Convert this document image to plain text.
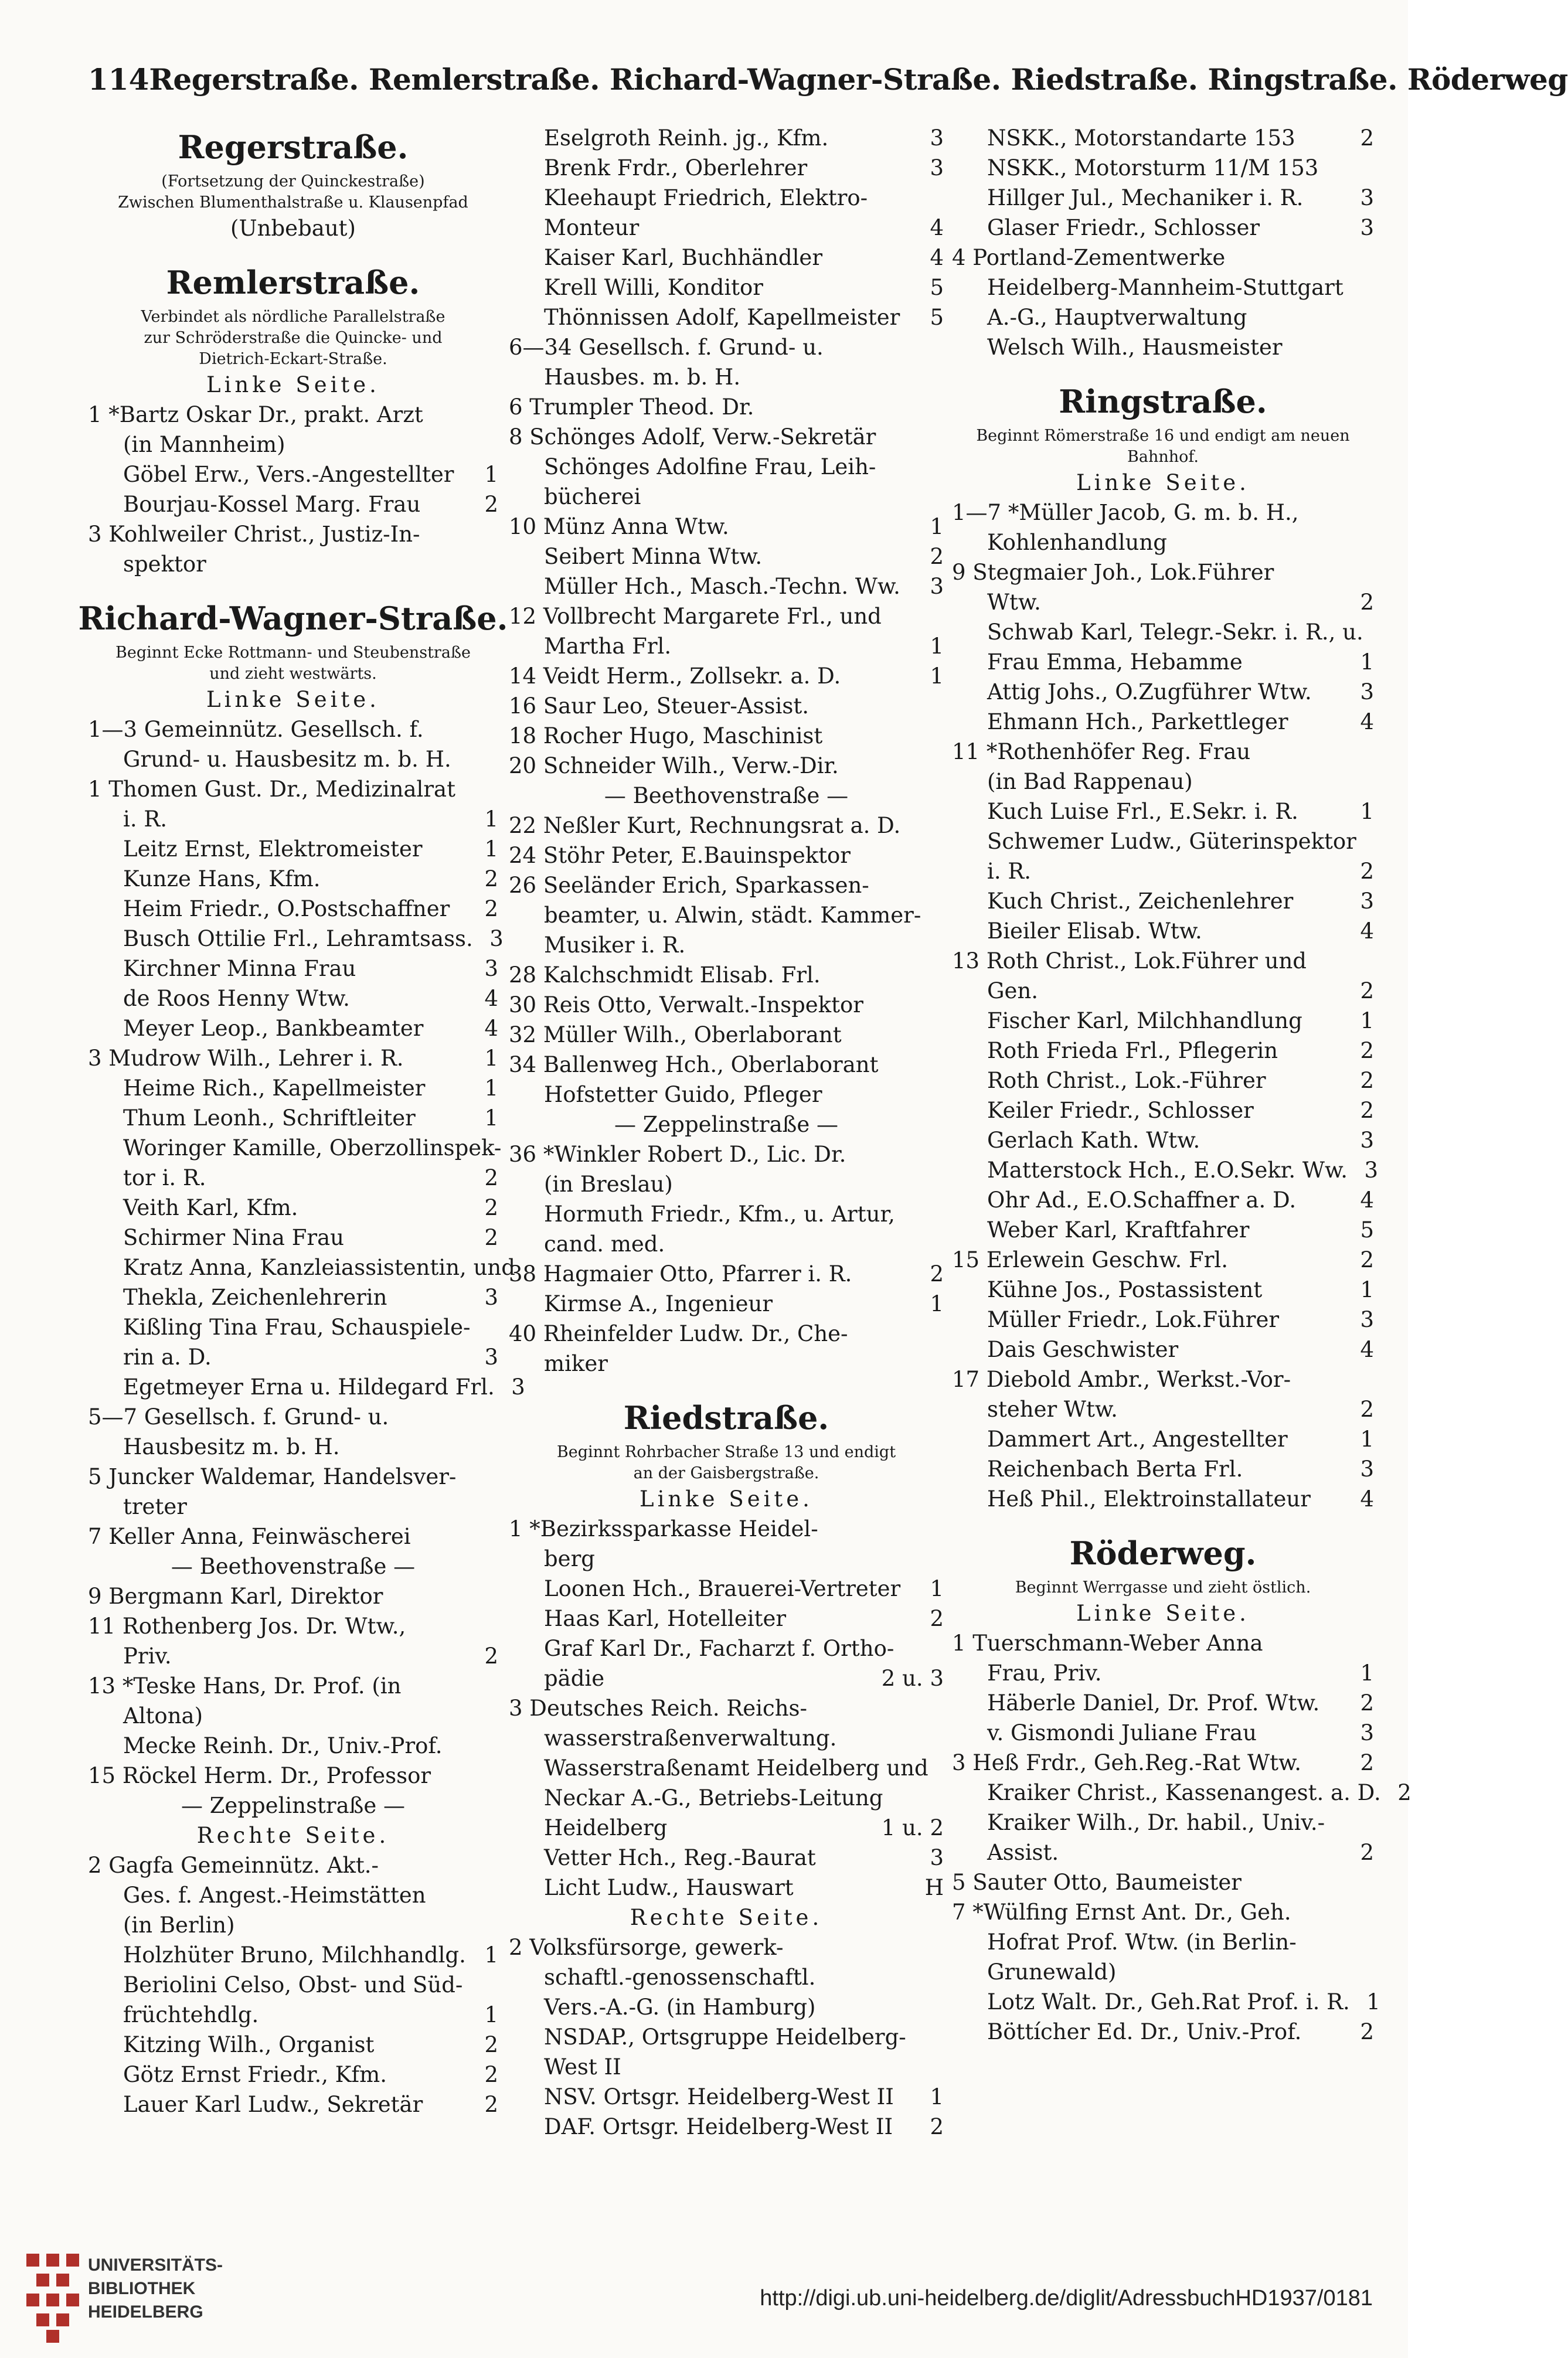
114 Regerstraße. Remlerstraße. Richard-Wagner-Straße. Riedstraße. Ringstraße. Röderweg
Regerstraße.
(Fortsetzung der Quinckestraße)
Zwischen Blumenthalstraße u. Klausenpfad
(Unbebaut)
Remlerstraße.
Verbindet als nördliche Parallelstraße
zur Schröderstraße die Quincke- und
Dietrich-Eckart-Straße.
Linke Seite.
1 *Bartz Oskar Dr., prakt. Arzt
(in Mannheim)
Göbel Erw., Vers.-Angestellter	1
Bourjau-Kossel Marg. Frau	2
3 Kohlweiler Christ., Justiz-In-
spektor
Richard-Wagner-Straße.
Beginnt Ecke Rottmann- und Steubenstraße
und zieht westwärts.
Linke Seite.
1—3 Gemeinnütz. Gesellsch. f.
Grund- u. Hausbesitz m. b. H.
1 Thomen Gust. Dr., Medizinalrat
i. R.	1
Leitz Ernst, Elektromeister	1
Kunze Hans, Kfm.	2
Heim Friedr., O.Postschaffner	2
Busch Ottilie Frl., Lehramtsass. 3
Kirchner Minna Frau	3
de Roos Henny Wtw.	4
Meyer Leop., Bankbeamter	4
3 Mudrow Wilh., Lehrer i. R.	1
Heime Rich., Kapellmeister	1
Thum Leonh., Schriftleiter	1
Woringer Kamille, Oberzollinspek-
tor i. R.	2
Veith Karl, Kfm.	2
Schirmer Nina Frau	2
Kratz Anna, Kanzleiassistentin, und
Thekla, Zeichenlehrerin	3
Kißling Tina Frau, Schauspiele-
rin a. D.	3
Egetmeyer Erna u. Hildegard Frl. 3
5—7 Gesellsch. f. Grund- u.
Hausbesitz m. b. H.
5 Juncker Waldemar, Handelsver-
treter
7 Keller Anna, Feinwäscherei
— Beethovenstraße —
9 Bergmann Karl, Direktor
11 Rothenberg Jos. Dr. Wtw.,
Priv.	2
13 *Teske Hans, Dr. Prof. (in
Altona)
Mecke Reinh. Dr., Univ.-Prof.
15 Röckel Herm. Dr., Professor
— Zeppelinstraße —
Rechte Seite.
2 Gagfa Gemeinnütz. Akt.-
Ges. f. Angest.-Heimstätten
(in Berlin)
Holzhüter Bruno, Milchhandlg. 1
Beriolini Celso, Obst- und Süd-
früchtehdlg.	1
Kitzing Wilh., Organist	2
Götz Ernst Friedr., Kfm.	2
Lauer Karl Ludw., Sekretär	2
Eselgroth Reinh. jg., Kfm.	3
Brenk Frdr., Oberlehrer	3
Kleehaupt Friedrich, Elektro-
Monteur	4
Kaiser Karl, Buchhändler	4
Krell Willi, Konditor	5
Thönnissen Adolf, Kapellmeister	5
6—34 Gesellsch. f. Grund- u.
Hausbes. m. b. H.
6 Trumpler Theod. Dr.
8 Schönges Adolf, Verw.-Sekretär
Schönges Adolfine Frau, Leih-
bücherei
10 Münz Anna Wtw.	1
Seibert Minna Wtw.	2
Müller Hch., Masch.-Techn. Ww.	3
12 Vollbrecht Margarete Frl., und
Martha Frl.	1
14 Veidt Herm., Zollsekr. a. D.	1
16 Saur Leo, Steuer-Assist.
18 Rocher Hugo, Maschinist
20 Schneider Wilh., Verw.-Dir.
— Beethovenstraße —
22 Neßler Kurt, Rechnungsrat a. D.
24 Stöhr Peter, E.Bauinspektor
26 Seeländer Erich, Sparkassen-
beamter, u. Alwin, städt. Kammer-
Musiker i. R.
28 Kalchschmidt Elisab. Frl.
30 Reis Otto, Verwalt.-Inspektor
32 Müller Wilh., Oberlaborant
34 Ballenweg Hch., Oberlaborant
Hofstetter Guido, Pfleger
— Zeppelinstraße —
36 *Winkler Robert D., Lic. Dr.
(in Breslau)
Hormuth Friedr., Kfm., u. Artur,
cand. med.
38 Hagmaier Otto, Pfarrer i. R.	2
Kirmse A., Ingenieur	1
40 Rheinfelder Ludw. Dr., Che-
miker
Riedstraße.
Beginnt Rohrbacher Straße 13 und endigt
an der Gaisbergstraße.
Linke Seite.
1 *Bezirkssparkasse Heidel-
berg
Loonen Hch., Brauerei-Vertreter	1
Haas Karl, Hotelleiter	2
Graf Karl Dr., Facharzt f. Ortho-
pädie	2 u. 3
3 Deutsches Reich. Reichs-
wasserstraßenverwaltung.
Wasserstraßenamt Heidelberg und
Neckar A.-G., Betriebs-Leitung
Heidelberg	1 u. 2
Vetter Hch., Reg.-Baurat	3
Licht Ludw., Hauswart	H
Rechte Seite.
2 Volksfürsorge, gewerk-
schaftl.-genossenschaftl.
Vers.-A.-G. (in Hamburg)
NSDAP., Ortsgruppe Heidelberg-
West II
NSV. Ortsgr. Heidelberg-West II	1
DAF. Ortsgr. Heidelberg-West II	2
NSKK., Motorstandarte 153	2
NSKK., Motorsturm 11/M 153
Hillger Jul., Mechaniker i. R.	3
Glaser Friedr., Schlosser	3
4 Portland-Zementwerke
Heidelberg-Mannheim-Stuttgart
A.-G., Hauptverwaltung
Welsch Wilh., Hausmeister
Ringstraße.
Beginnt Römerstraße 16 und endigt am neuen
Bahnhof.
Linke Seite.
1—7 *Müller Jacob, G. m. b. H.,
Kohlenhandlung
9 Stegmaier Joh., Lok.Führer
Wtw.	2
Schwab Karl, Telegr.-Sekr. i. R., u.
Frau Emma, Hebamme	1
Attig Johs., O.Zugführer Wtw.	3
Ehmann Hch., Parkettleger	4
11 *Rothenhöfer Reg. Frau
(in Bad Rappenau)
Kuch Luise Frl., E.Sekr. i. R.	1
Schwemer Ludw., Güterinspektor
i. R.	2
Kuch Christ., Zeichenlehrer	3
Bieiler Elisab. Wtw.	4
13 Roth Christ., Lok.Führer und
Gen.	2
Fischer Karl, Milchhandlung	1
Roth Frieda Frl., Pflegerin	2
Roth Christ., Lok.-Führer	2
Keiler Friedr., Schlosser	2
Gerlach Kath. Wtw.	3
Matterstock Hch., E.O.Sekr. Ww. 3
Ohr Ad., E.O.Schaffner a. D.	4
Weber Karl, Kraftfahrer	5
15 Erlewein Geschw. Frl.	2
Kühne Jos., Postassistent	1
Müller Friedr., Lok.Führer	3
Dais Geschwister	4
17 Diebold Ambr., Werkst.-Vor-
steher Wtw.	2
Dammert Art., Angestellter	1
Reichenbach Berta Frl.	3
Heß Phil., Elektroinstallateur	4
Röderweg.
Beginnt Werrgasse und zieht östlich.
Linke Seite.
1 Tuerschmann-Weber Anna
Frau, Priv.	1
Häberle Daniel, Dr. Prof. Wtw.	2
v. Gismondi Juliane Frau	3
3 Heß Frdr., Geh.Reg.-Rat Wtw.	2
Kraiker Christ., Kassenangest. a. D. 2
Kraiker Wilh., Dr. habil., Univ.-
Assist.	2
5 Sauter Otto, Baumeister
7 *Wülfing Ernst Ant. Dr., Geh.
Hofrat Prof. Wtw. (in Berlin-
Grunewald)
Lotz Walt. Dr., Geh.Rat Prof. i. R. 1
Böttícher Ed. Dr., Univ.-Prof.	2
UNIVERSITÄTS-
BIBLIOTHEK
HEIDELBERG
http://digi.ub.uni-heidelberg.de/diglit/AdressbuchHD1937/0181
